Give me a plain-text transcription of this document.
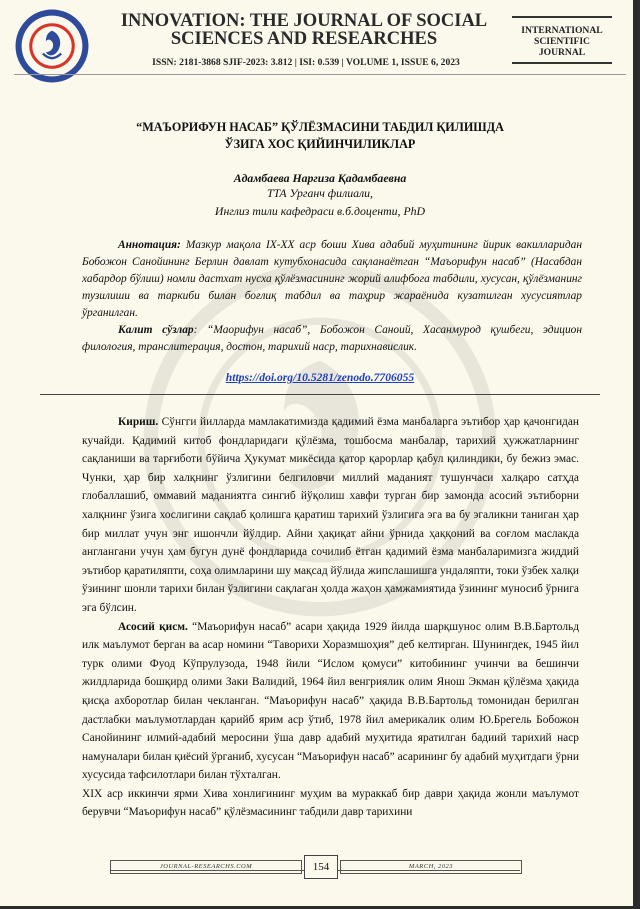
INNOVATION: THE JOURNAL OF SOCIAL SCIENCES AND RESEARCHES
ISSN: 2181-3868 SJIF-2023: 3.812 | ISI: 0.539 | VOLUME 1, ISSUE 6, 2023
INTERNATIONAL
SCIENTIFIC
JOURNAL
“МАЪОРИФУН НАСАБ” ҚЎЛЁЗМАСИНИ ТАБДИЛ ҚИЛИШДА
ЎЗИГА ХОС ҚИЙИНЧИЛИКЛАР
Адамбаева Наргиза Қадамбаевна
ТТА Урганч филиали,
Инглиз тили кафедраси в.б.доценти, PhD
Аннотация: Мазкур мақола IX-XX аср боши Хива адабий муҳитининг йирик вакилларидан Бобожон Санойининг Берлин давлат кутубхонасида сақланаётган “Маъорифун насаб” (Насабдан хабардор бўлиш) номли дастхат нусха қўлёзмасининг жорий алифбога табдили, хусусан, қўлёзманинг тузилиши ва таркиби билан боғлиқ табдил ва таҳрир жараёнида кузатилган хусусиятлар ўрганилган.
Калит сўзлар: “Маорифун насаб”, Бобожон Саноий, Хасанмурод қушбеги, эдицион филология, транслитерация, достон, тарихий наср, тарихнавислик.
https://doi.org/10.5281/zenodo.7706055

Кириш. Сўнгги йилларда мамлакатимизда қадимий ёзма манбаларга эътибор ҳар қачонгидан кучайди. Қадимий китоб фондларидаги қўлёзма, тошбосма манбалар, тарихий ҳужжатларнинг сақланиши ва тарғиботи бўйича Ҳукумат микёсида қатор қарорлар қабул қилиндики, бу бежиз эмас. Чунки, ҳар бир халқнинг ўзлигини белгиловчи миллий маданият тушунчаси халқаро сатҳда глобаллашиб, оммавий маданиятга сингиб йўқолиш хавфи турган бир замонда асосий эътиборни халқнинг ўзига хослигини сақлаб қолишга қаратиш тарихий ўзлигига эга ва бу эгаликни таниган ҳар бир миллат учун энг ишончли йўлдир. Айни ҳақиқат айни ўрнида ҳаққоний ва соғлом маслакда англангани учун ҳам бугун дунё фондларида сочилиб ётган қадимий ёзма манбаларимизга жиддий эътибор қаратиляпти, соҳа олимларини шу мақсад йўлида жипслашишга ундаляпти, токи ўзбек халқи ўзининг шонли тарихи билан ўзлигини сақлаган ҳолда жаҳон ҳамжамиятида ўзининг муносиб ўрнига эга бўлсин.

Асосий қисм. “Маъорифун насаб” асари ҳақида 1929 йилда шарқшунос олим В.В.Бартольд илк маълумот берган ва асар номини “Таворихи Хоразмшоҳия” деб келтирган. Шунингдек, 1945 йил турк олими Фуод Кўпрулузода, 1948 йили “Ислом қомуси” китобининг учинчи ва бешинчи жилдларида бошқирд олими Заки Валидий, 1964 йил венгриялик олим Янош Экман қўлёзма ҳақида қисқа ахборотлар билан чекланган. “Маъорифун насаб” ҳақида В.В.Бартольд томонидан берилган дастлабки маълумотлардан қарийб ярим аср ўтиб, 1978 йил америкалик олим Ю.Брегель Бобожон Санойининг илмий-адабий меросини ўша давр адабий муҳитида яратилган бадиий тарихий наср намуналари билан қиёсий ўрганиб, хусусан “Маъорифун насаб” асарининг бу адабий муҳитдаги ўрни хусусида тафсилотлари билан тўхталган.

XIX аср иккинчи ярми Хива хонлигининг муҳим ва мураккаб бир даври ҳақида жонли маълумот берувчи “Маъорифун насаб” қўлёзмасининг табдили давр тарихини

JOURNAL-RESEARCHS.COM	154	MARCH, 2023
